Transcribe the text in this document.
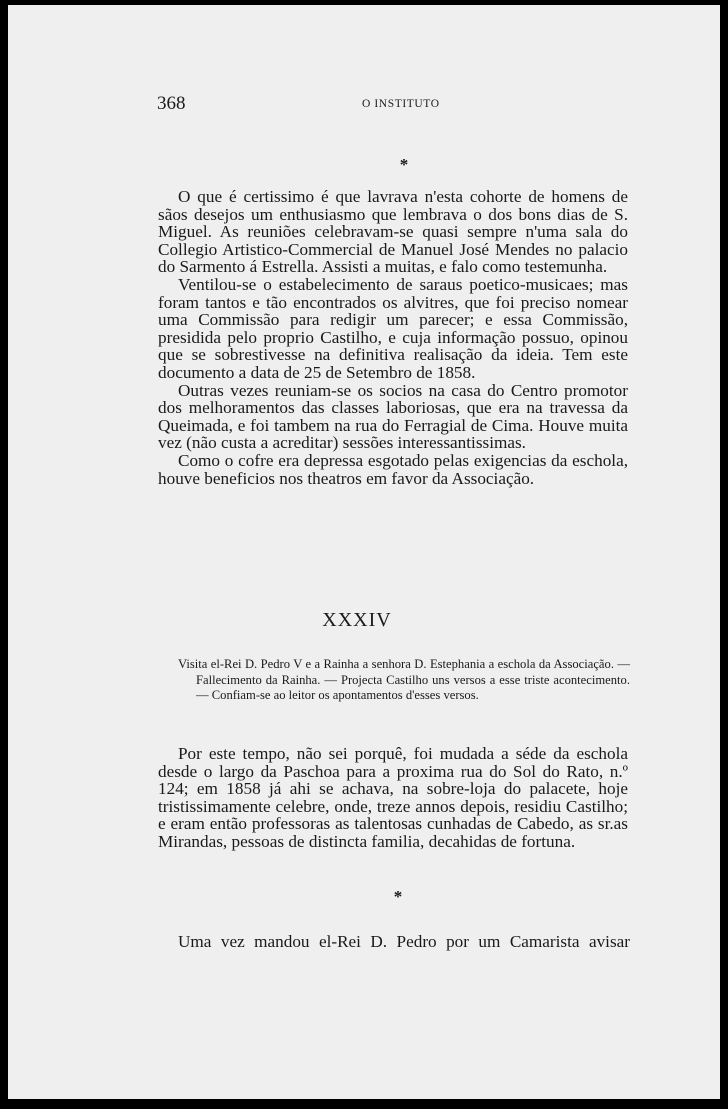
368	O INSTITUTO
*

O que é certissimo é que lavrava n'esta cohorte de homens de sãos desejos um enthusiasmo que lembrava o dos bons dias de S. Miguel. As reuniões celebravam-se quasi sempre n'uma sala do Collegio Artistico-Commercial de Manuel José Mendes no palacio do Sarmento á Estrella. Assisti a muitas, e falo como testemunha.

Ventilou-se o estabelecimento de saraus poetico-musicaes; mas foram tantos e tão encontrados os alvitres, que foi preciso nomear uma Commissão para redigir um parecer; e essa Commissão, presidida pelo proprio Castilho, e cuja informação possuo, opinou que se sobrestivesse na definitiva realisação da ideia. Tem este documento a data de 25 de Setembro de 1858.

Outras vezes reuniam-se os socios na casa do Centro promotor dos melhoramentos das classes laboriosas, que era na travessa da Queimada, e foi tambem na rua do Ferragial de Cima. Houve muita vez (não custa a acreditar) sessões interessantissimas.

Como o cofre era depressa esgotado pelas exigencias da eschola, houve beneficios nos theatros em favor da Associação.

XXXIV
Visita el-Rei D. Pedro V e a Rainha a senhora D. Estephania a eschola da Associação. — Fallecimento da Rainha. — Projecta Castilho uns versos a esse triste acontecimento. — Confiam-se ao leitor os apontamentos d'esses versos.

Por este tempo, não sei porquê, foi mudada a séde da eschola desde o largo da Paschoa para a proxima rua do Sol do Rato, n.º 124; em 1858 já ahi se achava, na sobre-loja do palacete, hoje tristissimamente celebre, onde, treze annos depois, residiu Castilho; e eram então professoras as talentosas cunhadas de Cabedo, as sr.as Mirandas, pessoas de distincta familia, decahidas de fortuna.

*
Uma vez mandou el-Rei D. Pedro por um Camarista avisar
